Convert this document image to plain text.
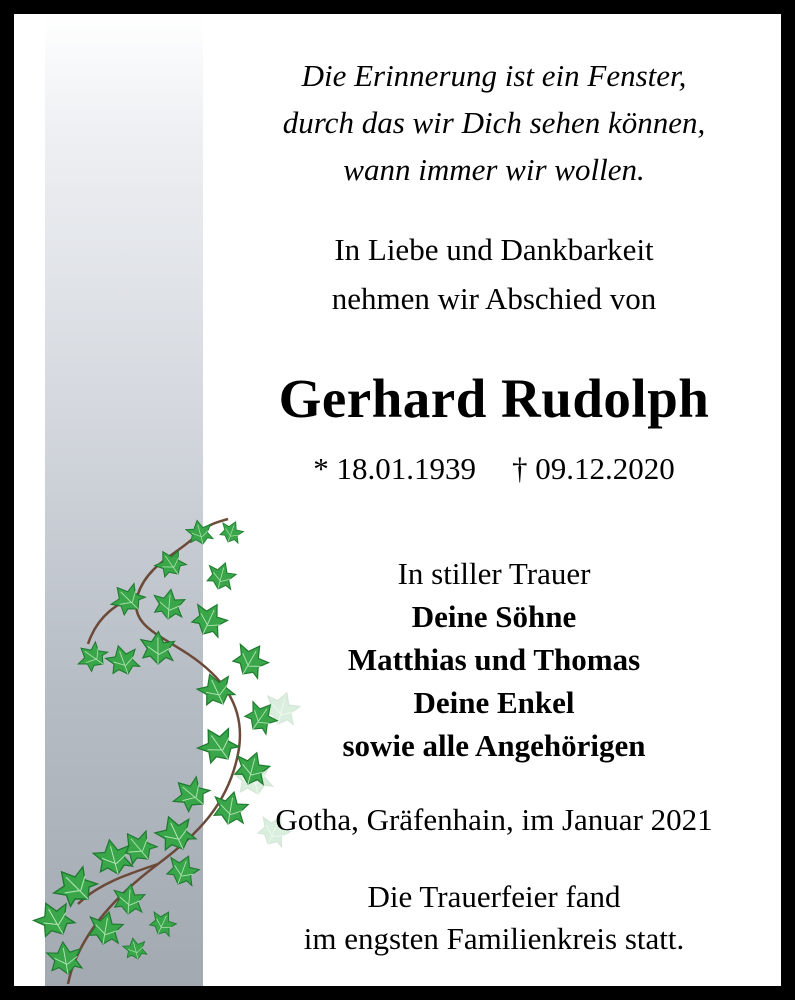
Die Erinnerung ist ein Fenster,
durch das wir Dich sehen können,
wann immer wir wollen.
In Liebe und Dankbarkeit
nehmen wir Abschied von
Gerhard Rudolph
* 18.01.1939 † 09.12.2020
In stiller Trauer
Deine Söhne
Matthias und Thomas
Deine Enkel
sowie alle Angehörigen
Gotha, Gräfenhain, im Januar 2021
Die Trauerfeier fand
im engsten Familienkreis statt.
